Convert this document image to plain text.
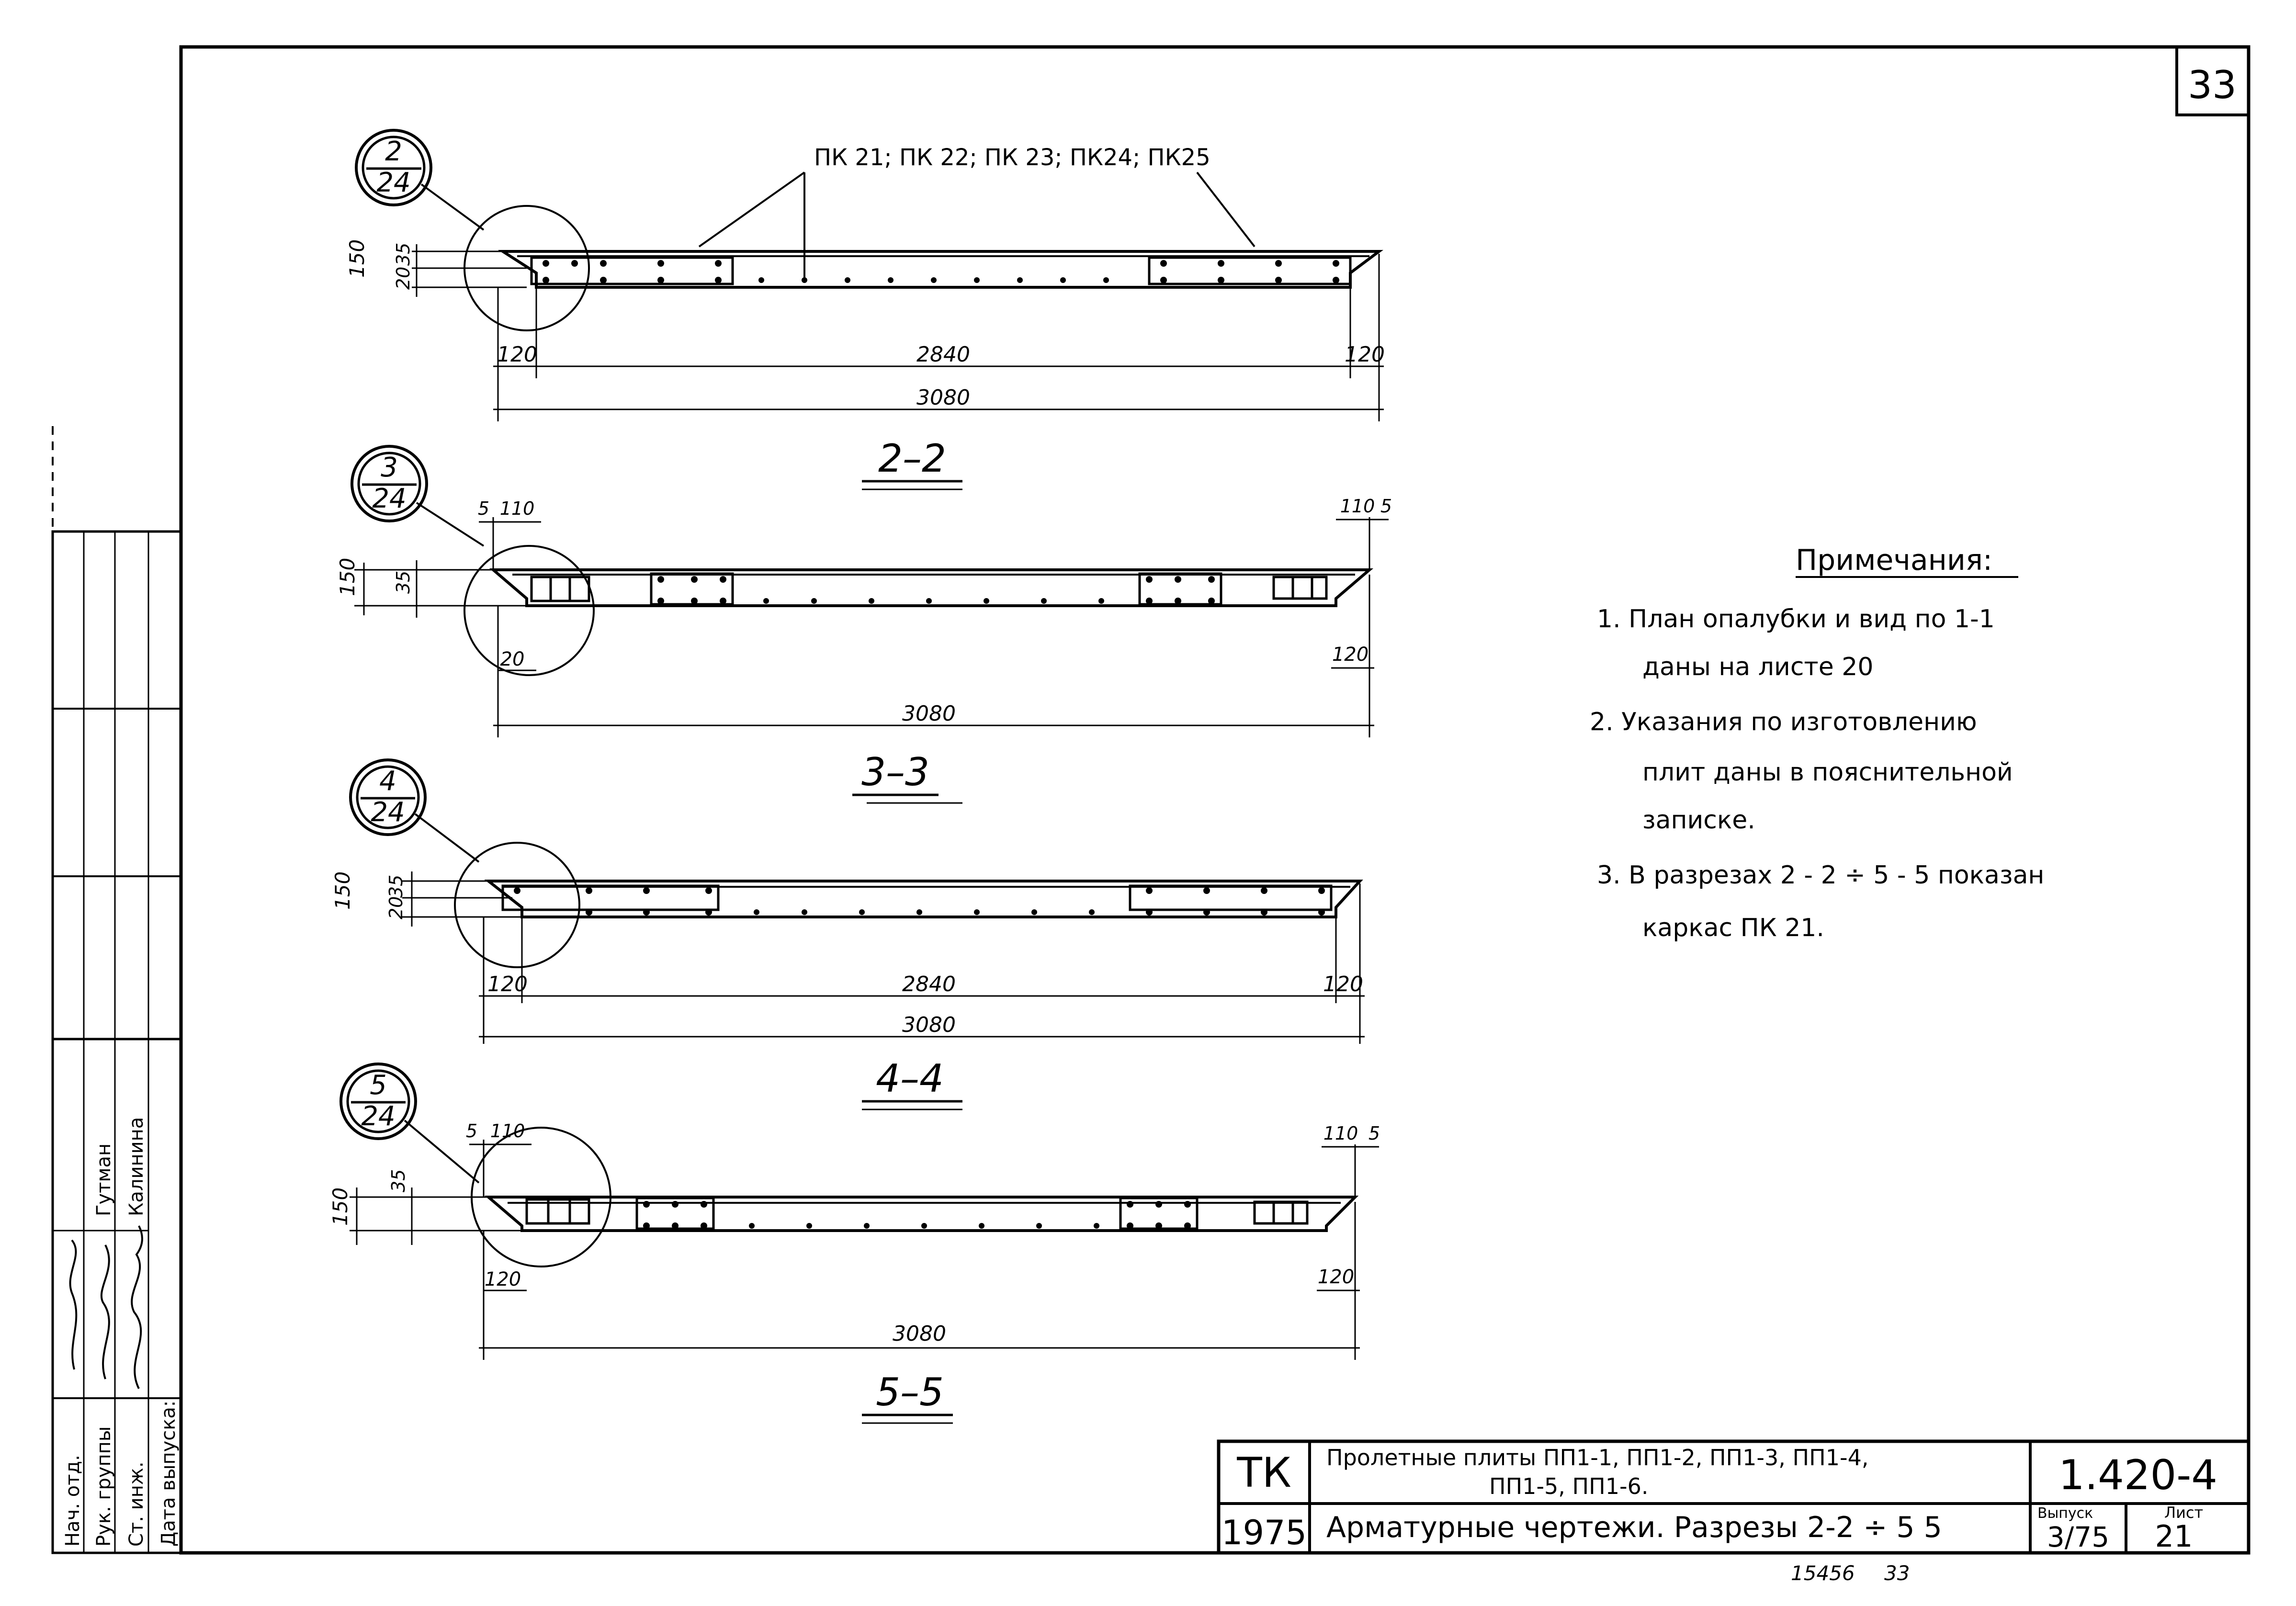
33
2
24
ПК 21; ПК 22; ПК 23; ПК24; ПК25
150 35
20
120	2840	120
3080
2–2
3
24
150 35
5 110	110 5
20	120
3080
3–3
4
24
150 35
20
120	2840	120
3080
4–4
5
24
150
35
5 110	110 5
120	120
3080
5–5
Примечания:
1. План опалубки и вид по 1-1
даны на листе 20
2. Указания по изготовлению
плит даны в пояснительной
записке.
3. В разрезах 2 - 2 ÷ 5 - 5 показан
каркас ПК 21.
ТК
1975
Пролетные плиты ПП1-1, ПП1-2, ПП1-3, ПП1-4,
ПП1-5, ПП1-6.
Арматурные чертежи. Разрезы 2-2 ÷ 5 5
1.420-4
Выпуск
3/75
Лист
21
Нач. отд. Рук. группы Ст. инж. Дата выпуска:
Гутман Калинина
15456 33
